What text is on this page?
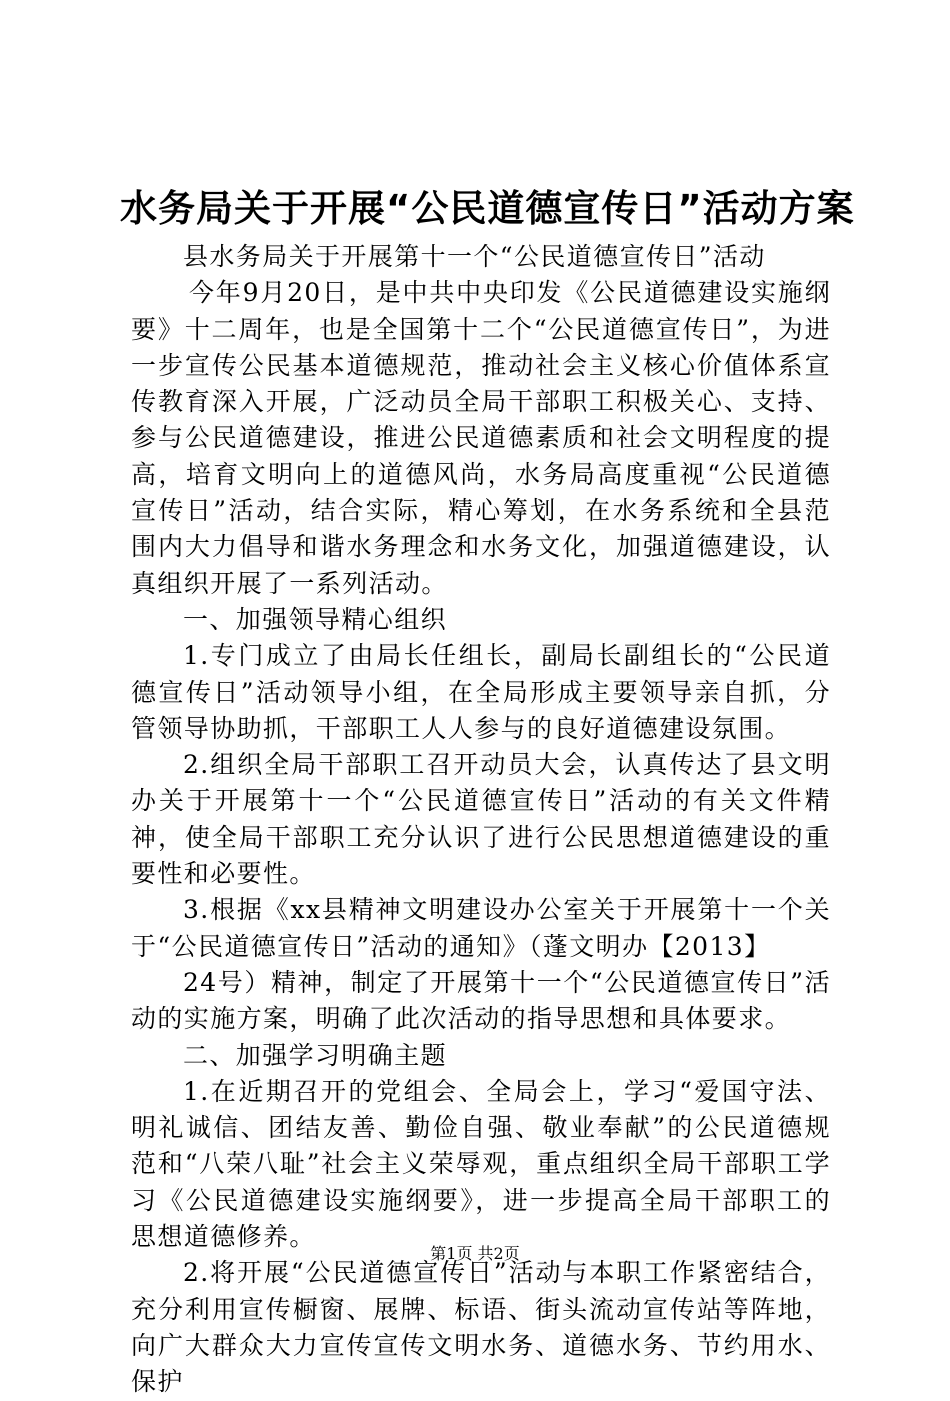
水务局关于开展“公民道德宣传日”活动方案

县水务局关于开展第十一个“公民道德宣传日”活动

今年9月20日，是中共中央印发《公民道德建设实施纲要》十二周年，也是全国第十二个“公民道德宣传日”，为进一步宣传公民基本道德规范，推动社会主义核心价值体系宣传教育深入开展，广泛动员全局干部职工积极关心、支持、参与公民道德建设，推进公民道德素质和社会文明程度的提高，培育文明向上的道德风尚，水务局高度重视“公民道德宣传日”活动，结合实际，精心筹划，在水务系统和全县范围内大力倡导和谐水务理念和水务文化，加强道德建设，认真组织开展了一系列活动。

一、加强领导精心组织

1.专门成立了由局长任组长，副局长副组长的“公民道德宣传日”活动领导小组，在全局形成主要领导亲自抓，分管领导协助抓，干部职工人人参与的良好道德建设氛围。

2.组织全局干部职工召开动员大会，认真传达了县文明办关于开展第十一个“公民道德宣传日”活动的有关文件精神，使全局干部职工充分认识了进行公民思想道德建设的重要性和必要性。

3.根据《xx县精神文明建设办公室关于开展第十一个关于“公民道德宣传日”活动的通知》（蓬文明办【2013】

24号）精神，制定了开展第十一个“公民道德宣传日”活动的实施方案，明确了此次活动的指导思想和具体要求。

二、加强学习明确主题

1.在近期召开的党组会、全局会上，学习“爱国守法、明礼诚信、团结友善、勤俭自强、敬业奉献”的公民道德规范和“八荣八耻”社会主义荣辱观，重点组织全局干部职工学习《公民道德建设实施纲要》，进一步提高全局干部职工的思想道德修养。

2.将开展“公民道德宣传日”活动与本职工作紧密结合，充分利用宣传橱窗、展牌、标语、街头流动宣传站等阵地，向广大群众大力宣传宣传文明水务、道德水务、节约用水、保护

第1页 共2页
